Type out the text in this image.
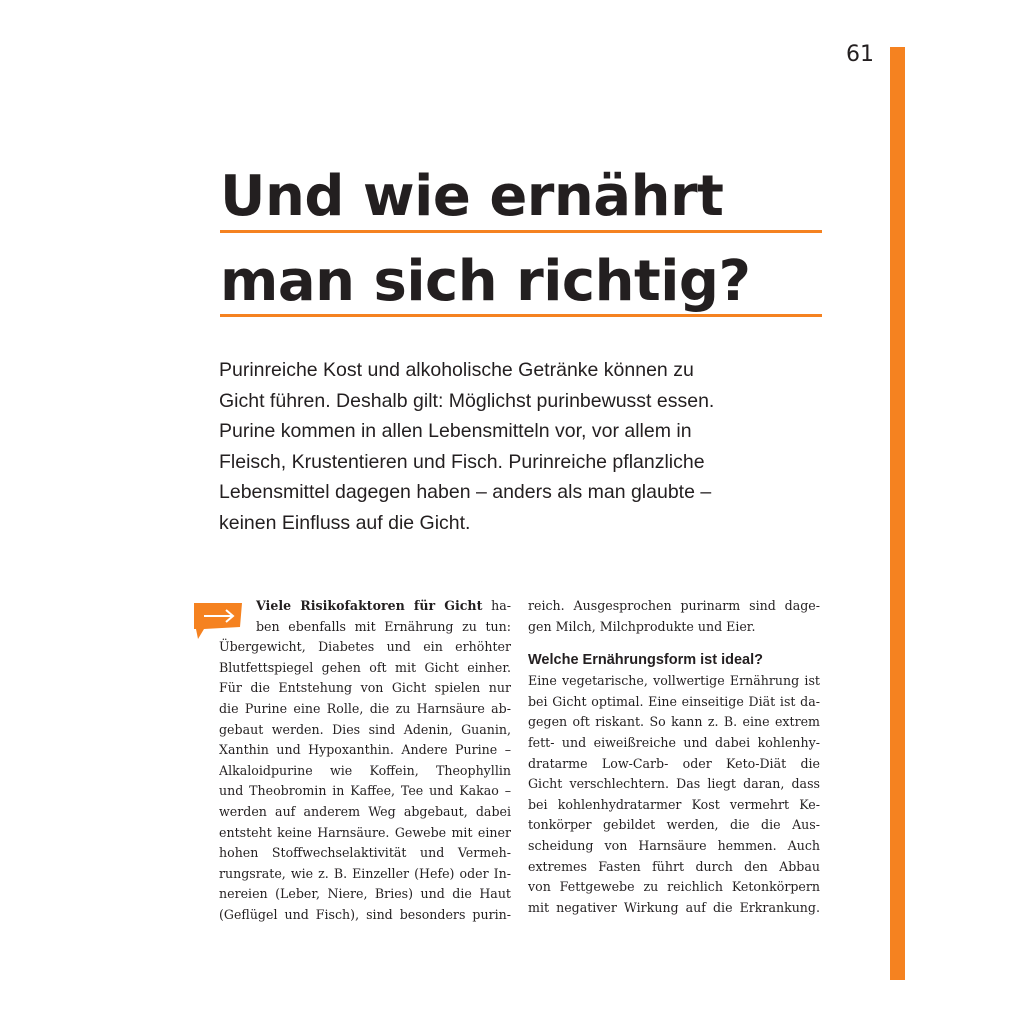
61
Und wie ernährt
man sich richtig?
Purinreiche Kost und alkoholische Getränke können zu
Gicht führen. Deshalb gilt: Möglichst purinbewusst essen.
Purine kommen in allen Lebensmitteln vor, vor allem in
Fleisch, Krustentieren und Fisch. Purinreiche pflanzliche
Lebensmittel dagegen haben – anders als man glaubte –
keinen Einfluss auf die Gicht.
Viele Risikofaktoren für Gicht ha-
ben ebenfalls mit Ernährung zu tun:
Übergewicht, Diabetes und ein erhöhter
Blutfettspiegel gehen oft mit Gicht einher.
Für die Entstehung von Gicht spielen nur
die Purine eine Rolle, die zu Harnsäure ab-
gebaut werden. Dies sind Adenin, Guanin,
Xanthin und Hypoxanthin. Andere Purine –
Alkaloidpurine wie Koffein, Theophyllin
und Theobromin in Kaffee, Tee und Kakao –
werden auf anderem Weg abgebaut, dabei
entsteht keine Harnsäure. Gewebe mit einer
hohen Stoffwechselaktivität und Vermeh-
rungsrate, wie z. B. Einzeller (Hefe) oder In-
nereien (Leber, Niere, Bries) und die Haut
(Geflügel und Fisch), sind besonders purin-
reich. Ausgesprochen purinarm sind dage-
gen Milch, Milchprodukte und Eier.
Welche Ernährungsform ist ideal?
Eine vegetarische, vollwertige Ernährung ist
bei Gicht optimal. Eine einseitige Diät ist da-
gegen oft riskant. So kann z. B. eine extrem
fett- und eiweißreiche und dabei kohlenhy-
dratarme Low-Carb- oder Keto-Diät die
Gicht verschlechtern. Das liegt daran, dass
bei kohlenhydratarmer Kost vermehrt Ke-
tonkörper gebildet werden, die die Aus-
scheidung von Harnsäure hemmen. Auch
extremes Fasten führt durch den Abbau
von Fettgewebe zu reichlich Ketonkörpern
mit negativer Wirkung auf die Erkrankung.
